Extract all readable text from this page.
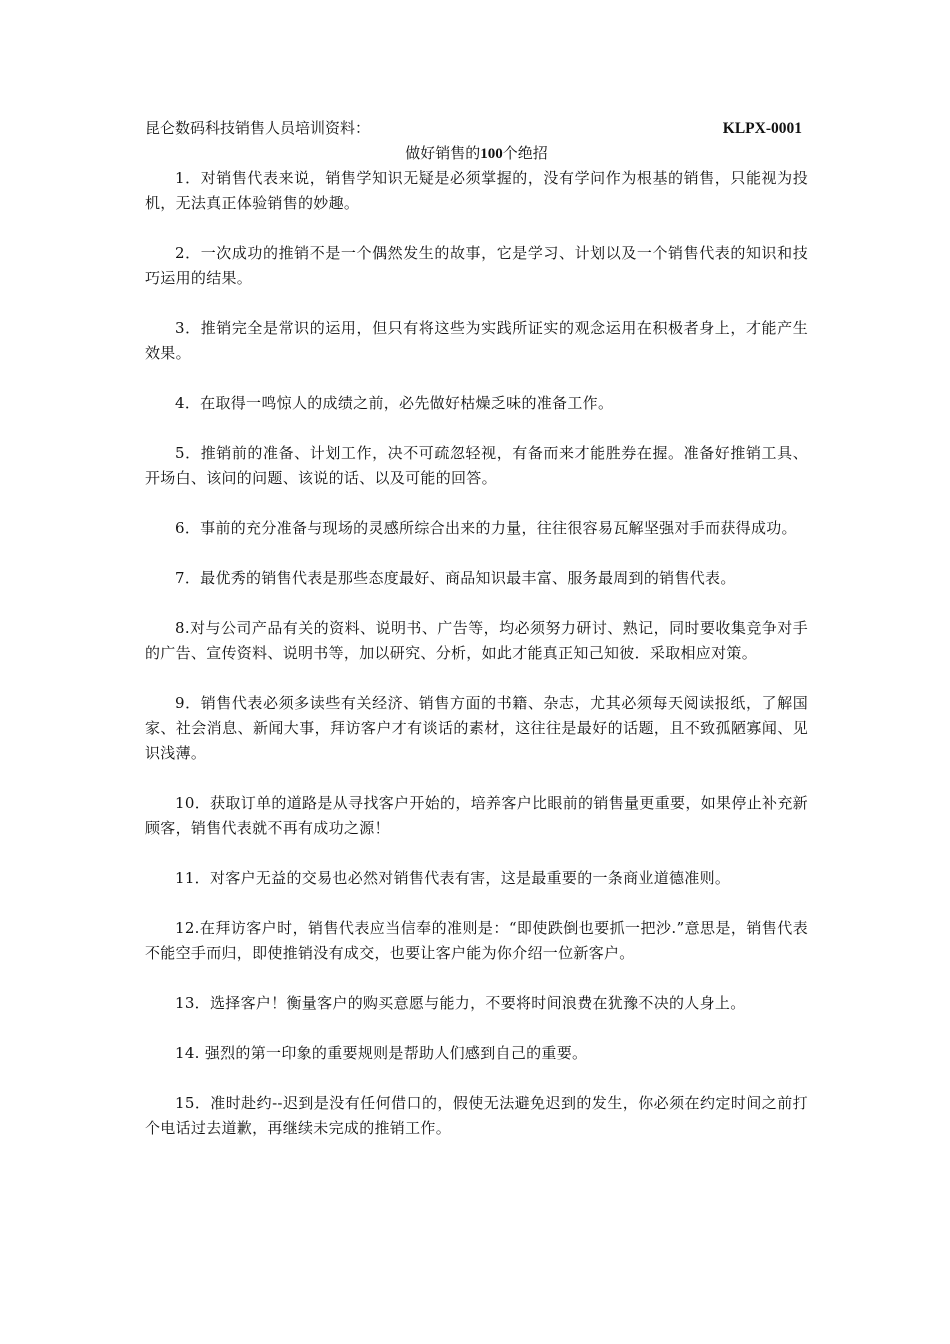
昆仑数码科技销售人员培训资料：	KLPX-0001
做好销售的100个绝招

1．对销售代表来说，销售学知识无疑是必须掌握的，没有学问作为根基的销售，只能视为投机，无法真正体验销售的妙趣。

2．一次成功的推销不是一个偶然发生的故事，它是学习、计划以及一个销售代表的知识和技巧运用的结果。

3．推销完全是常识的运用，但只有将这些为实践所证实的观念运用在积极者身上，才能产生效果。

4．在取得一鸣惊人的成绩之前，必先做好枯燥乏味的准备工作。

5．推销前的准备、计划工作，决不可疏忽轻视，有备而来才能胜券在握。准备好推销工具、开场白、该问的问题、该说的话、以及可能的回答。

6．事前的充分准备与现场的灵感所综合出来的力量，往往很容易瓦解坚强对手而获得成功。

7．最优秀的销售代表是那些态度最好、商品知识最丰富、服务最周到的销售代表。

8.对与公司产品有关的资料、说明书、广告等，均必须努力研讨、熟记，同时要收集竞争对手的广告、宣传资料、说明书等，加以研究、分析，如此才能真正知己知彼．采取相应对策。

9．销售代表必须多读些有关经济、销售方面的书籍、杂志，尤其必须每天阅读报纸，了解国家、社会消息、新闻大事，拜访客户才有谈话的素材，这往往是最好的话题，且不致孤陋寡闻、见识浅薄。

10．获取订单的道路是从寻找客户开始的，培养客户比眼前的销售量更重要，如果停止补充新顾客，销售代表就不再有成功之源！

11．对客户无益的交易也必然对销售代表有害，这是最重要的一条商业道德准则。

12.在拜访客户时，销售代表应当信奉的准则是：“即使跌倒也要抓一把沙.”意思是，销售代表不能空手而归，即使推销没有成交，也要让客户能为你介绍一位新客户。

13．选择客户！衡量客户的购买意愿与能力，不要将时间浪费在犹豫不决的人身上。

14. 强烈的第一印象的重要规则是帮助人们感到自己的重要。

15．准时赴约--迟到是没有任何借口的，假使无法避免迟到的发生，你必须在约定时间之前打个电话过去道歉，再继续未完成的推销工作。
